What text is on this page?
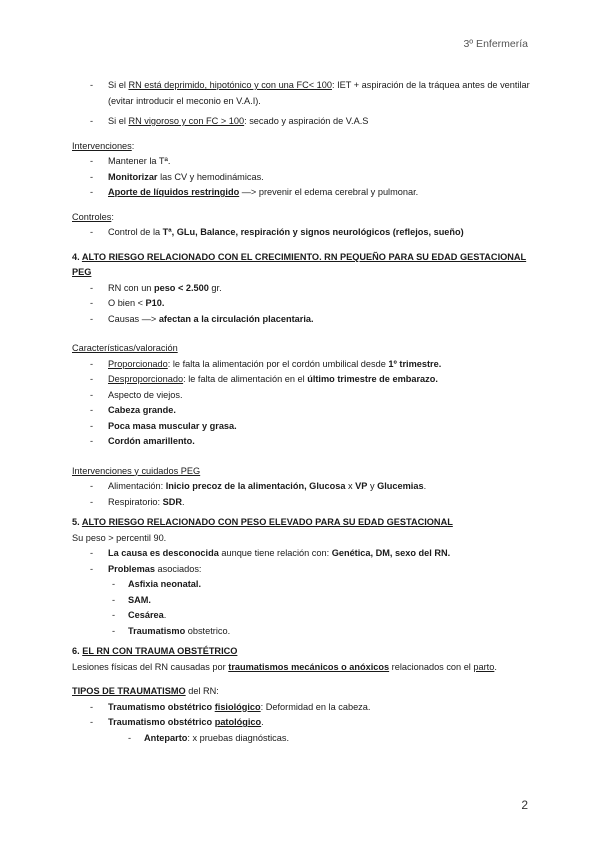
3º Enfermería
- Si el RN está deprimido, hipotónico y con una FC< 100: IET + aspiración de la tráquea antes de ventilar (evitar introducir el meconio en V.A.I).
- Si el RN vigoroso y con FC > 100: secado y aspiración de V.A.S
Intervenciones:
- Mantener la Tª.
- Monitorizar las CV y hemodinámicas.
- Aporte de líquidos restringido —> prevenir el edema cerebral y pulmonar.
Controles:
- Control de la Tª, GLu, Balance, respiración y signos neurológicos (reflejos, sueño)
4. ALTO RIESGO RELACIONADO CON EL CRECIMIENTO. RN PEQUEÑO PARA SU EDAD GESTACIONAL PEG
- RN con un peso < 2.500 gr.
- O bien < P10.
- Causas —> afectan a la circulación placentaria.
Características/valoración
- Proporcionado: le falta la alimentación por el cordón umbilical desde 1º trimestre.
- Desproporcionado: le falta de alimentación en el último trimestre de embarazo.
- Aspecto de viejos.
- Cabeza grande.
- Poca masa muscular y grasa.
- Cordón amarillento.
Intervenciones y cuidados PEG
- Alimentación: Inicio precoz de la alimentación, Glucosa x VP y Glucemias.
- Respiratorio: SDR.
5. ALTO RIESGO RELACIONADO CON PESO ELEVADO PARA SU EDAD GESTACIONAL
Su peso > percentil 90.
- La causa es desconocida aunque tiene relación con: Genética, DM, sexo del RN.
- Problemas asociados:
- Asfixia neonatal.
- SAM.
- Cesárea.
- Traumatismo obstetrico.
6. EL RN CON TRAUMA OBSTÉTRICO
Lesiones físicas del RN causadas por traumatismos mecánicos o anóxicos relacionados con el parto.
TIPOS DE TRAUMATISMO del RN:
- Traumatismo obstétrico fisiológico: Deformidad en la cabeza.
- Traumatismo obstétrico patológico.
- Anteparto: x pruebas diagnósticas.
2
